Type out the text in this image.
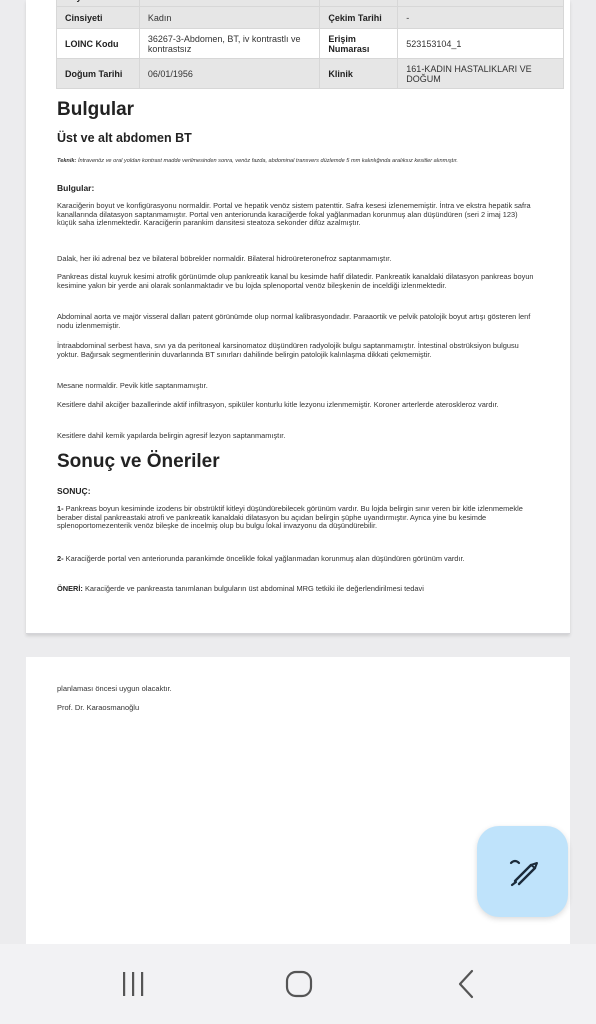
Cinsiyeti	Kadın	Çekim Tarihi	-
LOINC Kodu	36267-3-Abdomen, BT, iv kontrastlı ve kontrastsız	Erişim Numarası	523153104_1
Doğum Tarihi	06/01/1956	Klinik	161-KADIN HASTALIKLARI VE DOĞUM
Bulgular
Üst ve alt abdomen BT
Teknik: İntravenöz ve oral yoldan kontrast madde verilmesinden sonra, venöz fazda, abdominal transvers düzlemde 5 mm kalınlığında aralıksız kesitler alınmıştır.
Bulgular:
Karaciğerin boyut ve konfigürasyonu normaldir. Portal ve hepatik venöz sistem patenttir. Safra kesesi izlenememiştir. İntra ve ekstra hepatik safra kanallarında dilatasyon saptanmamıştır. Portal ven anteriorunda karaciğerde fokal yağlanmadan korunmuş alan düşündüren (seri 2 imaj 123) küçük saha izlenmektedir. Karaciğerin parankim dansitesi steatoza sekonder difüz azalmıştır.
Dalak, her iki adrenal bez ve bilateral böbrekler normaldir. Bilateral hidroüreteronefroz saptanmamıştır.
Pankreas distal kuyruk kesimi atrofik görünümde olup pankreatik kanal bu kesimde hafif dilatedir. Pankreatik kanaldaki dilatasyon pankreas boyun kesimine yakın bir yerde ani olarak sonlanmaktadır ve bu lojda splenoportal venöz bileşkenin de inceldiği izlenmektedir.
Abdominal aorta ve majör visseral dalları patent görünümde olup normal kalibrasyondadır. Paraaortik ve pelvik patolojik boyut artışı gösteren lenf nodu izlenmemiştir.
İntraabdominal serbest hava, sıvı ya da peritoneal karsinomatoz düşündüren radyolojik bulgu saptanmamıştır. İntestinal obstrüksiyon bulgusu yoktur. Bağırsak segmentlerinin duvarlarında BT sınırları dahilinde belirgin patolojik kalınlaşma dikkati çekmemiştir.
Mesane normaldir. Pevik kitle saptanmamıştır.
Kesitlere dahil akciğer bazallerinde aktif infiltrasyon, spiküler konturlu kitle lezyonu izlenmemiştir. Koroner arterlerde ateroskleroz vardır.
Kesitlere dahil kemik yapılarda belirgin agresif lezyon saptanmamıştır.
Sonuç ve Öneriler
SONUÇ:
1- Pankreas boyun kesiminde izodens bir obstrüktif kitleyi düşündürebilecek görünüm vardır. Bu lojda belirgin sınır veren bir kitle izlenmemekle beraber distal pankreastaki atrofi ve pankreatik kanaldaki dilatasyon bu açıdan belirgin şüphe uyandırmıştır. Ayrıca yine bu kesimde splenoportomezenterik venöz bileşke de incelmiş olup bu bulgu lokal invazyonu da düşündürebilir.
2- Karaciğerde portal ven anteriorunda parankimde öncelikle fokal yağlanmadan korunmuş alan düşündüren görünüm vardır.
ÖNERİ: Karaciğerde ve pankreasta tanımlanan bulguların üst abdominal MRG tetkiki ile değerlendirilmesi tedavi
planlaması öncesi uygun olacaktır.
Prof. Dr. Karaosmanoğlu
